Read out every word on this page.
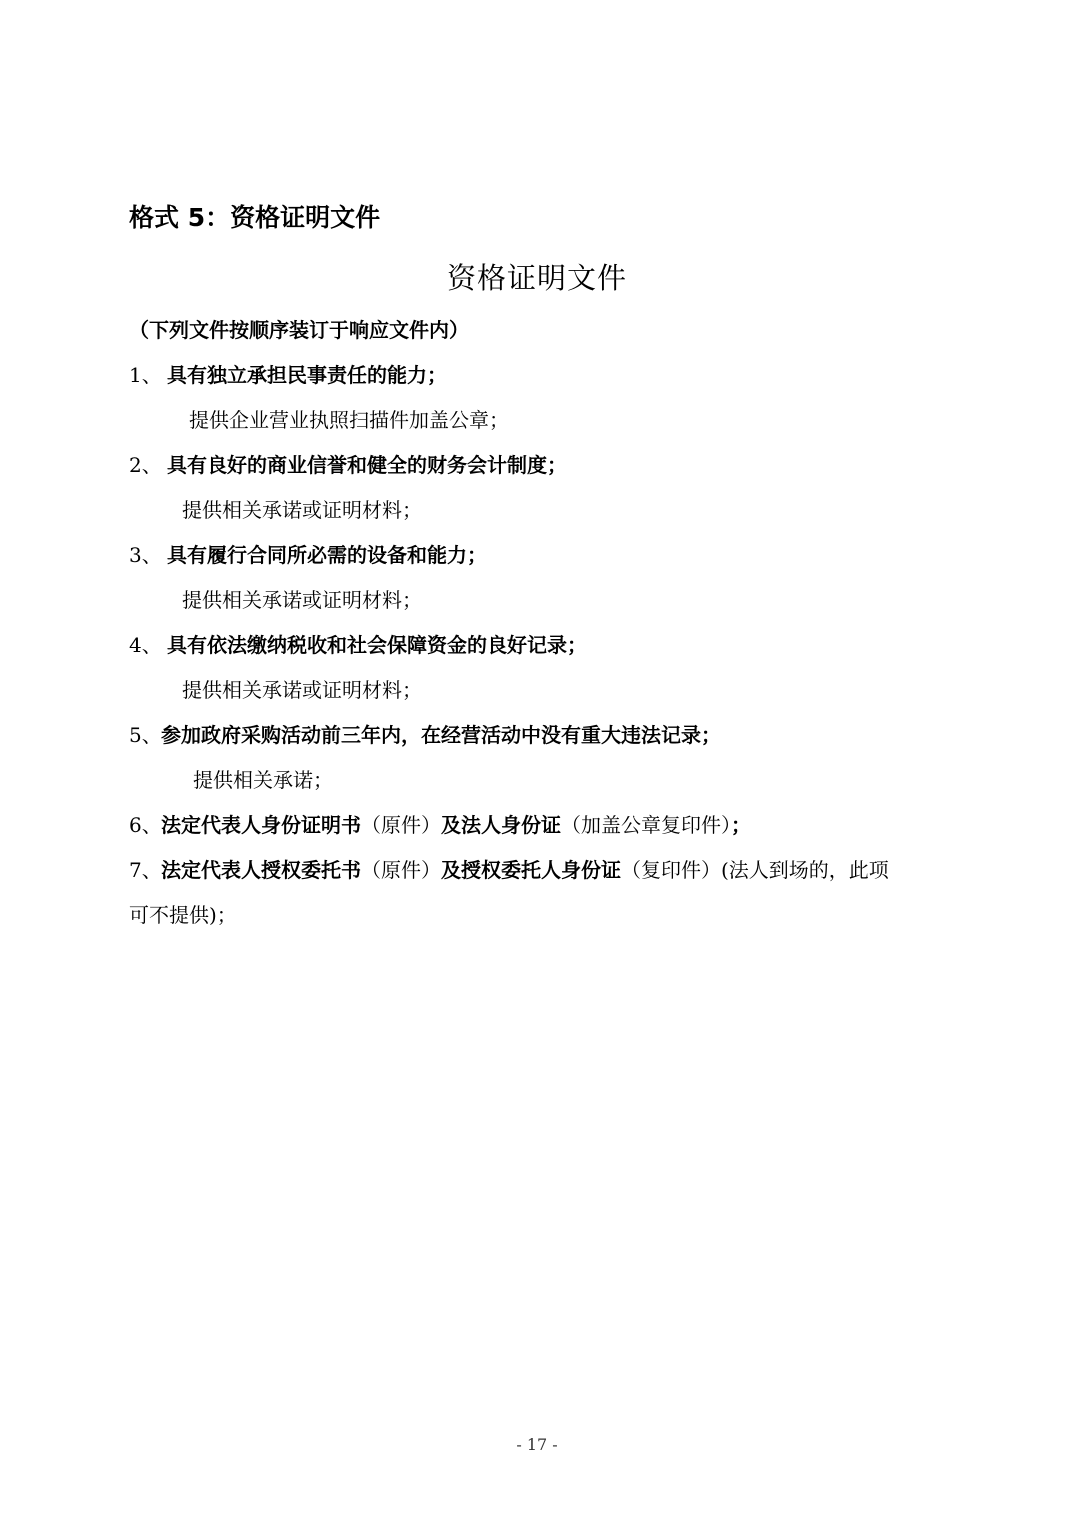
格式 5：资格证明文件
资格证明文件
（下列文件按顺序装订于响应文件内）
1、 具有独立承担民事责任的能力；
提供企业营业执照扫描件加盖公章；
2、 具有良好的商业信誉和健全的财务会计制度；
提供相关承诺或证明材料；
3、 具有履行合同所必需的设备和能力；
提供相关承诺或证明材料；
4、 具有依法缴纳税收和社会保障资金的良好记录；
提供相关承诺或证明材料；
5、参加政府采购活动前三年内，在经营活动中没有重大违法记录；
提供相关承诺；
6、法定代表人身份证明书（原件）及法人身份证（加盖公章复印件）；
7、法定代表人授权委托书（原件）及授权委托人身份证（复印件）(法人到场的，此项
可不提供)；
- 17 -
